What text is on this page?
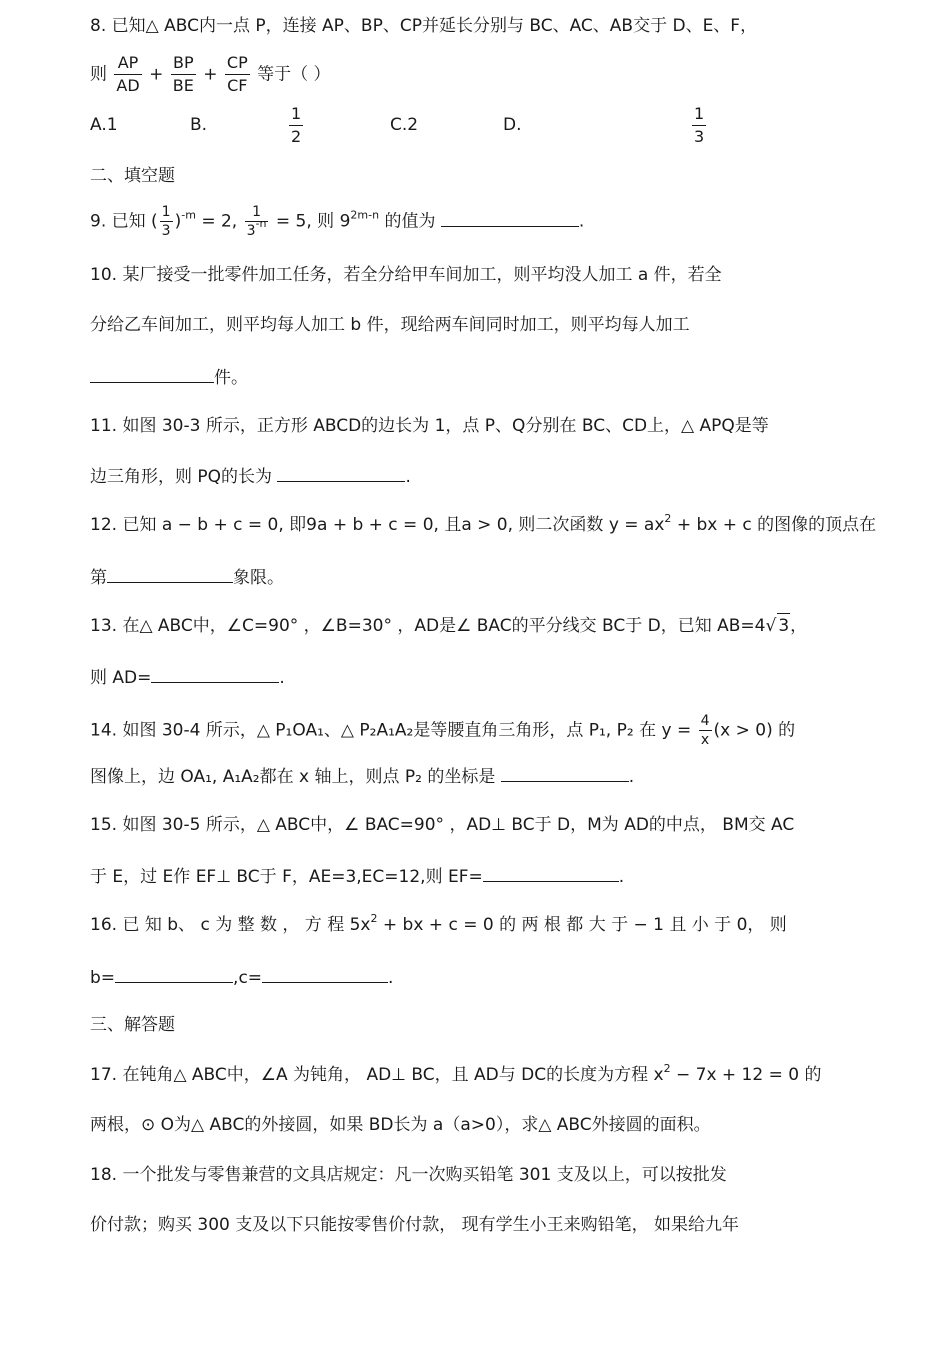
8. 已知△ ABC内一点 P，连接 AP、BP、CP并延长分别与 BC、AC、AB交于 D、E、F，
则 $\frac{AP}{AD} + \frac{BP}{BE} + \frac{CP}{CF}$ 等于（ ）
A.1	B.	$\frac{1}{2}$	C.2	D.	$\frac{1}{3}$
二、填空题
9. 已知 ( $\frac{1}{3} )^{-m} = 2$, $\frac{1}{3^{-n}} = 5$, 则 $9^{2m-n}$ 的值为	.
10. 某厂接受一批零件加工任务，若全分给甲车间加工，则平均没人加工 a 件，若全
分给乙车间加工，则平均每人加工 b 件，现给两车间同时加工，则平均每人加工
件。
11. 如图 30-3 所示，正方形 ABCD的边长为 1，点 P、Q分别在 BC、CD上，△ APQ是等
边三角形，则 PQ的长为	.
12. 已知 a − b + c = 0, 即9a + b + c = 0, 且a > 0, 则二次函数 $y = ax^2$ + bx + c 的图像的顶点在
第	象限。
13. 在△ ABC中，∠C=90° ，∠B=30° ，AD是∠ BAC的平分线交 BC于 D，已知 AB=4√ 3，
则 AD=	.
14. 如图 30-4 所示，△ P₁OA₁、△ P₂A₁A₂是等腰直角三角形，点 P₁, P₂ 在 $y = \frac{4}{x} (x > 0)$ 的
图像上，边 OA₁, A₁A₂都在 x 轴上，则点 P₂ 的坐标是	.
15. 如图 30-5 所示，△ ABC中，∠ BAC=90° ，AD⊥ BC于 D，M为 AD的中点， BM交 AC
于 E，过 E作 EF⊥ BC于 F，AE=3,EC=12,则 EF=	.
16. 已 知 b、 c 为 整 数 ， 方 程 $5x^2$ + bx + c = 0 的 两 根 都 大 于 − 1 且 小 于 0， 则
b=	,c=	.
三、解答题
17. 在钝角△ ABC中，∠A 为钝角， AD⊥ BC，且 AD与 DC的长度为方程 $x^2 - 7x + 12 = 0$ 的
两根，⊙ O为△ ABC的外接圆，如果 BD长为 a（a>0），求△ ABC外接圆的面积。
18. 一个批发与零售兼营的文具店规定：凡一次购买铅笔 301 支及以上，可以按批发
价付款；购买 300 支及以下只能按零售价付款， 现有学生小王来购铅笔， 如果给九年
